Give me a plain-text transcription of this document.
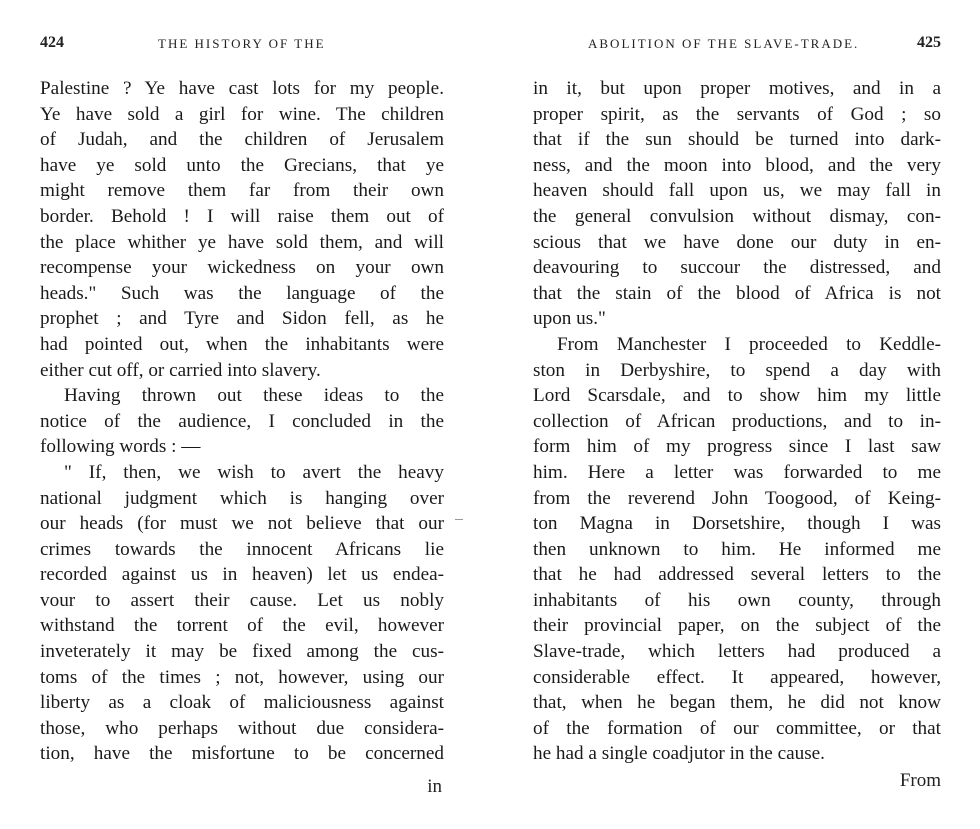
424	THE HISTORY OF THE
Palestine ? Ye have cast lots for my people.
Ye have sold a girl for wine. The children
of Judah, and the children of Jerusalem
have ye sold unto the Grecians, that ye
might remove them far from their own
border. Behold ! I will raise them out of
the place whither ye have sold them, and will
recompense your wickedness on your own
heads." Such was the language of the
prophet ; and Tyre and Sidon fell, as he
had pointed out, when the inhabitants were
either cut off, or carried into slavery.
Having thrown out these ideas to the
notice of the audience, I concluded in the
following words : —
" If, then, we wish to avert the heavy
national judgment which is hanging over
our heads (for must we not believe that our
crimes towards the innocent Africans lie
recorded against us in heaven) let us endea-
vour to assert their cause. Let us nobly
withstand the torrent of the evil, however
inveterately it may be fixed among the cus-
toms of the times ; not, however, using our
liberty as a cloak of maliciousness against
those, who perhaps without due considera-
tion, have the misfortune to be concerned
in
ABOLITION OF THE SLAVE-TRADE.	425
in it, but upon proper motives, and in a
proper spirit, as the servants of God ; so
that if the sun should be turned into dark-
ness, and the moon into blood, and the very
heaven should fall upon us, we may fall in
the general convulsion without dismay, con-
scious that we have done our duty in en-
deavouring to succour the distressed, and
that the stain of the blood of Africa is not
upon us."
From Manchester I proceeded to Keddle-
ston in Derbyshire, to spend a day with
Lord Scarsdale, and to show him my little
collection of African productions, and to in-
form him of my progress since I last saw
him. Here a letter was forwarded to me
from the reverend John Toogood, of Keing-
ton Magna in Dorsetshire, though I was
then unknown to him. He informed me
that he had addressed several letters to the
inhabitants of his own county, through
their provincial paper, on the subject of the
Slave-trade, which letters had produced a
considerable effect. It appeared, however,
that, when he began them, he did not know
of the formation of our committee, or that
he had a single coadjutor in the cause.
From
